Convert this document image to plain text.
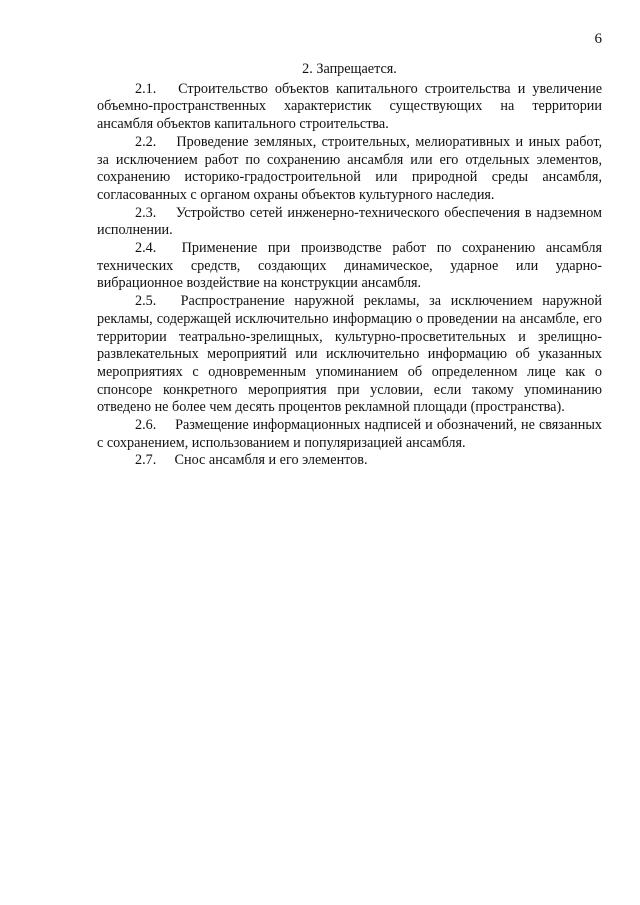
6

2. Запрещается.

2.1. Строительство объектов капитального строительства и увеличение объемно-пространственных характеристик существующих на территории ансамбля объектов капитального строительства.

2.2. Проведение земляных, строительных, мелиоративных и иных работ, за исключением работ по сохранению ансамбля или его отдельных элементов, сохранению историко-градостроительной или природной среды ансамбля, согласованных с органом охраны объектов культурного наследия.

2.3. Устройство сетей инженерно-технического обеспечения в надземном исполнении.

2.4. Применение при производстве работ по сохранению ансамбля технических средств, создающих динамическое, ударное или ударно-вибрационное воздействие на конструкции ансамбля.

2.5. Распространение наружной рекламы, за исключением наружной рекламы, содержащей исключительно информацию о проведении на ансамбле, его территории театрально-зрелищных, культурно-просветительных и зрелищно-развлекательных мероприятий или исключительно информацию об указанных мероприятиях с одновременным упоминанием об определенном лице как о спонсоре конкретного мероприятия при условии, если такому упоминанию отведено не более чем десять процентов рекламной площади (пространства).

2.6. Размещение информационных надписей и обозначений, не связанных с сохранением, использованием и популяризацией ансамбля.

2.7. Снос ансамбля и его элементов.
